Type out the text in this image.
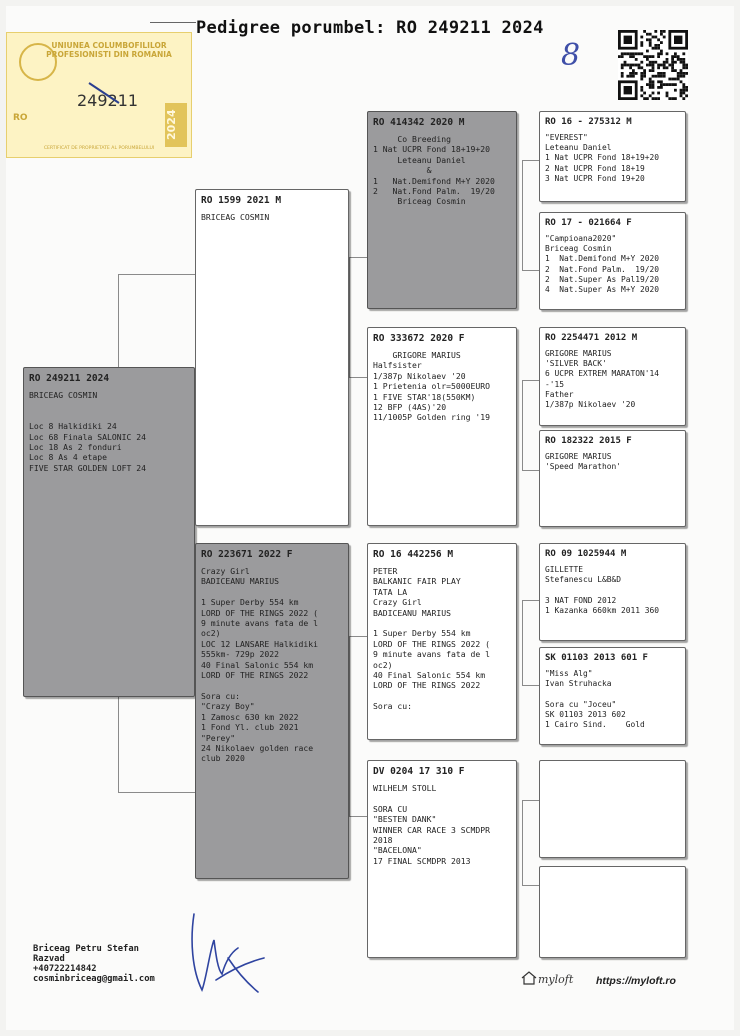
UNIUNEA COLUMBOFILILOR PROFESIONISTI DIN ROMANIA
RO
249211
2024
CERTIFICAT DE PROPRIETATE AL PORUMBELULUI
Pedigree porumbel: RO 249211 2024
8
RO 249211 2024
BRICEAG COSMIN

Loc 8 Halkidiki 24
Loc 68 Finala SALONIC 24
Loc 18 As 2 fonduri
Loc 8 As 4 etape
FIVE STAR GOLDEN LOFT 24
RO 1599 2021 M
BRICEAG COSMIN
RO 223671 2022 F
Crazy Girl
BADICEANU MARIUS

1 Super Derby 554 km
LORD OF THE RINGS 2022 (
9 minute avans fata de l
oc2)
LOC 12 LANSARE Halkidiki
555km- 729p 2022
40 Final Salonic 554 km
LORD OF THE RINGS 2022

Sora cu:
"Crazy Boy"
1 Zamosc 630 km 2022
1 Fond Yl. club 2021
"Perey"
24 Nikolaev golden race
club 2020
RO 414342 2020 M
Co Breeding
1 Nat UCPR Fond 18+19+20
Leteanu Daniel
&
1   Nat.Demifond M+Y 2020
2   Nat.Fond Palm.  19/20
Briceag Cosmin
RO 333672 2020 F
GRIGORE MARIUS
Halfsister
1/387p Nikolaev '20
1 Prietenia olr=5000EURO
1 FIVE STAR'18(550KM)
12 BFP (4AS)'20
11/1005P Golden ring '19
RO 16 442256 M
PETER
BALKANIC FAIR PLAY
TATA LA
Crazy Girl
BADICEANU MARIUS

1 Super Derby 554 km
LORD OF THE RINGS 2022 (
9 minute avans fata de l
oc2)
40 Final Salonic 554 km
LORD OF THE RINGS 2022

Sora cu:
DV 0204 17 310 F
WILHELM STOLL

SORA CU
"BESTEN DANK"
WINNER CAR RACE 3 SCMDPR
2018
"BACELONA"
17 FINAL SCMDPR 2013
RO 16 - 275312 M
"EVEREST"
Leteanu Daniel
1 Nat UCPR Fond 18+19+20
2 Nat UCPR Fond 18+19
3 Nat UCPR Fond 19+20
RO 17 - 021664 F
"Campioana2020"
Briceag Cosmin
1  Nat.Demifond M+Y 2020
2  Nat.Fond Palm.  19/20
2  Nat.Super As Pal19/20
4  Nat.Super As M+Y 2020
RO 2254471 2012 M
GRIGORE MARIUS
'SILVER BACK'
6 UCPR EXTREM MARATON'14
-'15
Father
1/387p Nikolaev '20
RO 182322 2015 F
GRIGORE MARIUS
'Speed Marathon'
RO 09 1025944 M
GILLETTE
Stefanescu L&B&D

3 NAT FOND 2012
1 Kazanka 660km 2011 360
SK 01103 2013 601 F
"Miss Alg"
Ivan Struhacka

Sora cu "Joceu"
SK 01103 2013 602
1 Cairo Sind.    Gold
Briceag Petru Stefan
Razvad
+40722214842
cosminbriceag@gmail.com	myloft https://myloft.ro
